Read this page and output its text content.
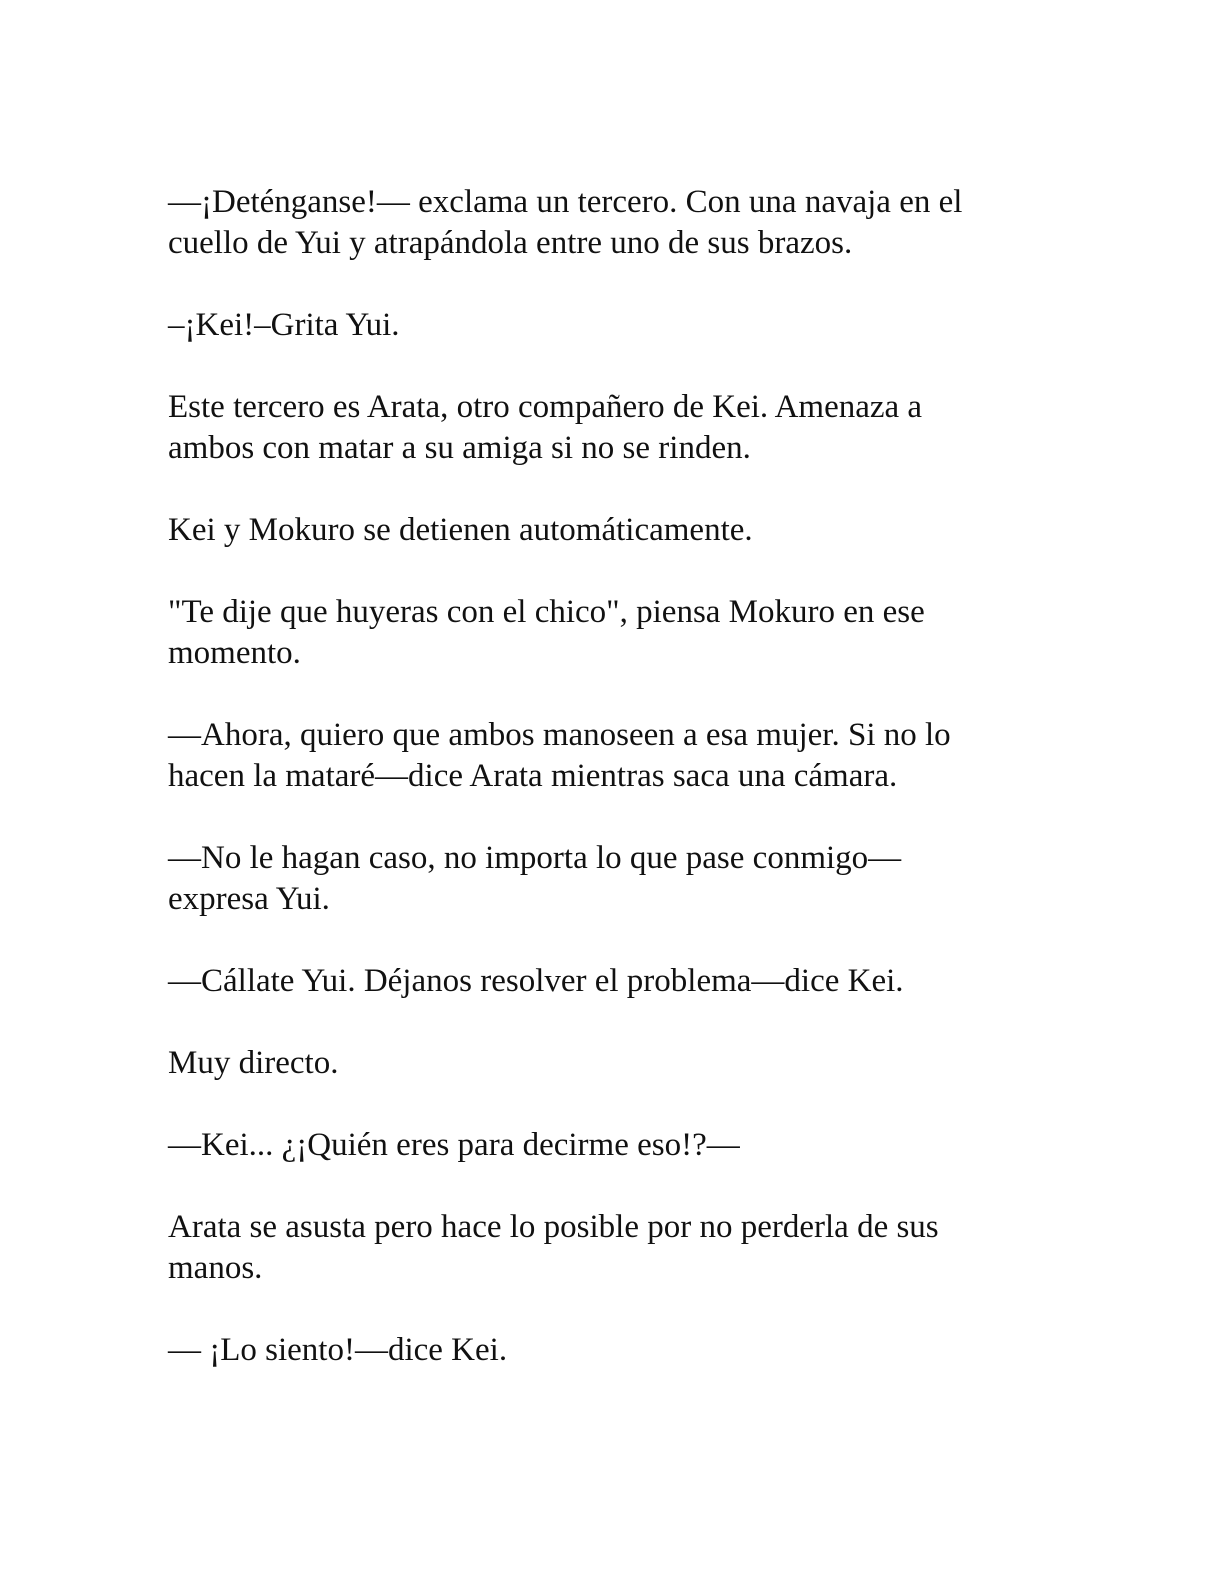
—¡Deténganse!— exclama un tercero. Con una navaja en el
cuello de Yui y atrapándola entre uno de sus brazos.

–¡Kei!–Grita Yui.

Este tercero es Arata, otro compañero de Kei. Amenaza a
ambos con matar a su amiga si no se rinden.

Kei y Mokuro se detienen automáticamente.

"Te dije que huyeras con el chico", piensa Mokuro en ese
momento.

—Ahora, quiero que ambos manoseen a esa mujer. Si no lo
hacen la mataré—dice Arata mientras saca una cámara.

—No le hagan caso, no importa lo que pase conmigo—
expresa Yui.

—Cállate Yui. Déjanos resolver el problema—dice Kei.

Muy directo.

—Kei... ¿¡Quién eres para decirme eso!?—

Arata se asusta pero hace lo posible por no perderla de sus
manos.

— ¡Lo siento!—dice Kei.
